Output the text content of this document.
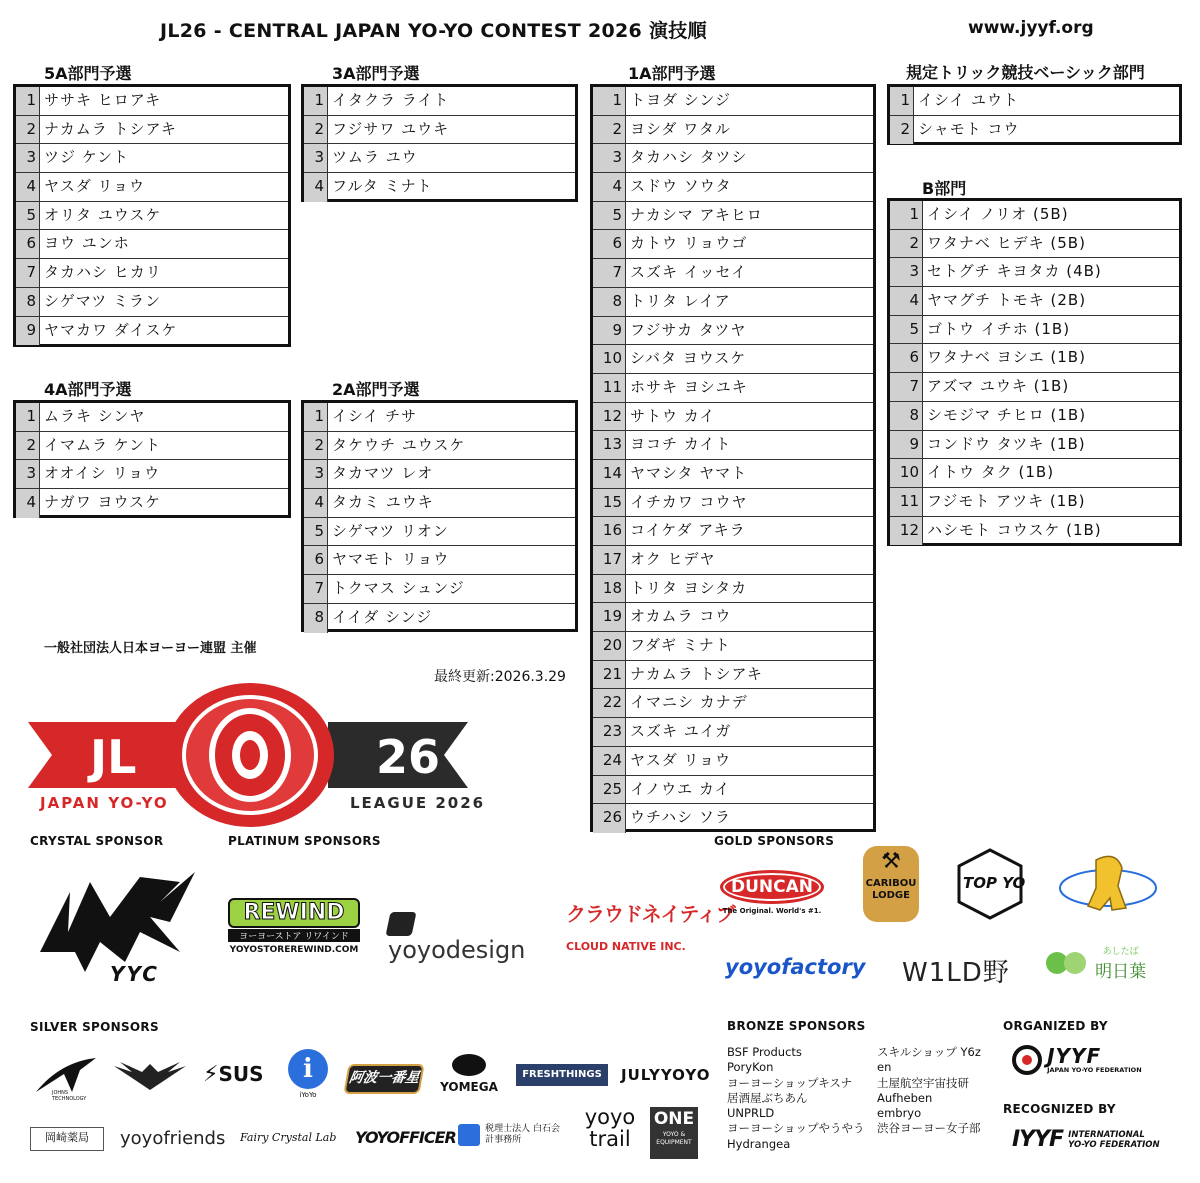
JL26 - CENTRAL JAPAN YO-YO CONTEST 2026 演技順	www.jyyf.org
5A部門予選	3A部門予選	1A部門予選	規定トリック競技ベーシック部門
B部門
4A部門予選	2A部門予選
1 ササキ ヒロアキ
2 ナカムラ トシアキ
3 ツジ ケント
4 ヤスダ リョウ
5 オリタ ユウスケ
6 ヨウ ユンホ
7 タカハシ ヒカリ
8 シゲマツ ミラン
9 ヤマカワ ダイスケ
1 イタクラ ライト
2 フジサワ ユウキ
3 ツムラ ユウ
4 フルタ ミナト
1 トヨダ シンジ
2 ヨシダ ワタル
3 タカハシ タツシ
4 スドウ ソウタ
5 ナカシマ アキヒロ
6 カトウ リョウゴ
7 スズキ イッセイ
8 トリタ レイア
9 フジサカ タツヤ
10 シバタ ヨウスケ
11 ホサキ ヨシユキ
12 サトウ カイ
13 ヨコチ カイト
14 ヤマシタ ヤマト
15 イチカワ コウヤ
16 コイケダ アキラ
17 オク ヒデヤ
18 トリタ ヨシタカ
19 オカムラ コウ
20 フダギ ミナト
21 ナカムラ トシアキ
22 イマニシ カナデ
23 スズキ ユイガ
24 ヤスダ リョウ
25 イノウエ カイ
26 ウチハシ ソラ
1 イシイ ユウト
2 シャモト コウ
1 イシイ ノリオ (5B)
2 ワタナベ ヒデキ (5B)
3 セトグチ キヨタカ (4B)
4 ヤマグチ トモキ (2B)
5 ゴトウ イチホ (1B)
6 ワタナベ ヨシエ (1B)
7 アズマ ユウキ (1B)
8 シモジマ チヒロ (1B)
9 コンドウ タツキ (1B)
10 イトウ タク (1B)
11 フジモト アツキ (1B)
12 ハシモト コウスケ (1B)
1 ムラキ シンヤ
2 イマムラ ケント
3 オオイシ リョウ
4 ナガワ ヨウスケ
1 イシイ チサ
2 タケウチ ユウスケ
3 タカマツ レオ
4 タカミ ユウキ
5 シゲマツ リオン
6 ヤマモト リョウ
7 トクマス シュンジ
8 イイダ シンジ
一般社団法人日本ヨーヨー連盟 主催
最終更新:2026.3.29
JL	26
JAPAN YO-YO	LEAGUE 2026
CRYSTAL SPONSOR	PLATINUM SPONSORS	GOLD SPONSORS
SILVER SPONSORS	BRONZE SPONSORS	ORGANIZED BY
RECOGNIZED BY
YYC
REWIND
ヨーヨーストア リワインド
YOYOSTOREREWIND.COM yoyodesign
クラウドネイティブ
CLOUD NATIVE INC.
DUNCAN
The Original. World's #1.
⚒
CARIBOU LODGE
TOP YO
yoyofactory W1LD野

あしたば
明日葉
JOHNS TECHNOLOGY
⚡SUS	i
iYoYo
阿波一番星
YOMEGA
FRESHTHINGS	JULYYOYO
岡崎薬局	yoyofriends Fairy Crystal Lab YOYOFFICER	税理士法人 白石会計事務所
yoyo trail
ONE
YOYO &
EQUIPMENT
BSF Products
PoryKon
ヨーヨーショップキスナ
居酒屋ぶちあん
UNPRLD
ヨーヨーショップやうやう
Hydrangea
スキルショップ Y6z
en
土屋航空宇宙技研
Aufheben
embryo
渋谷ヨーヨー女子部

JYYF
JAPAN YO-YO FEDERATION
IYYF INTERNATIONAL
YO-YO FEDERATION
